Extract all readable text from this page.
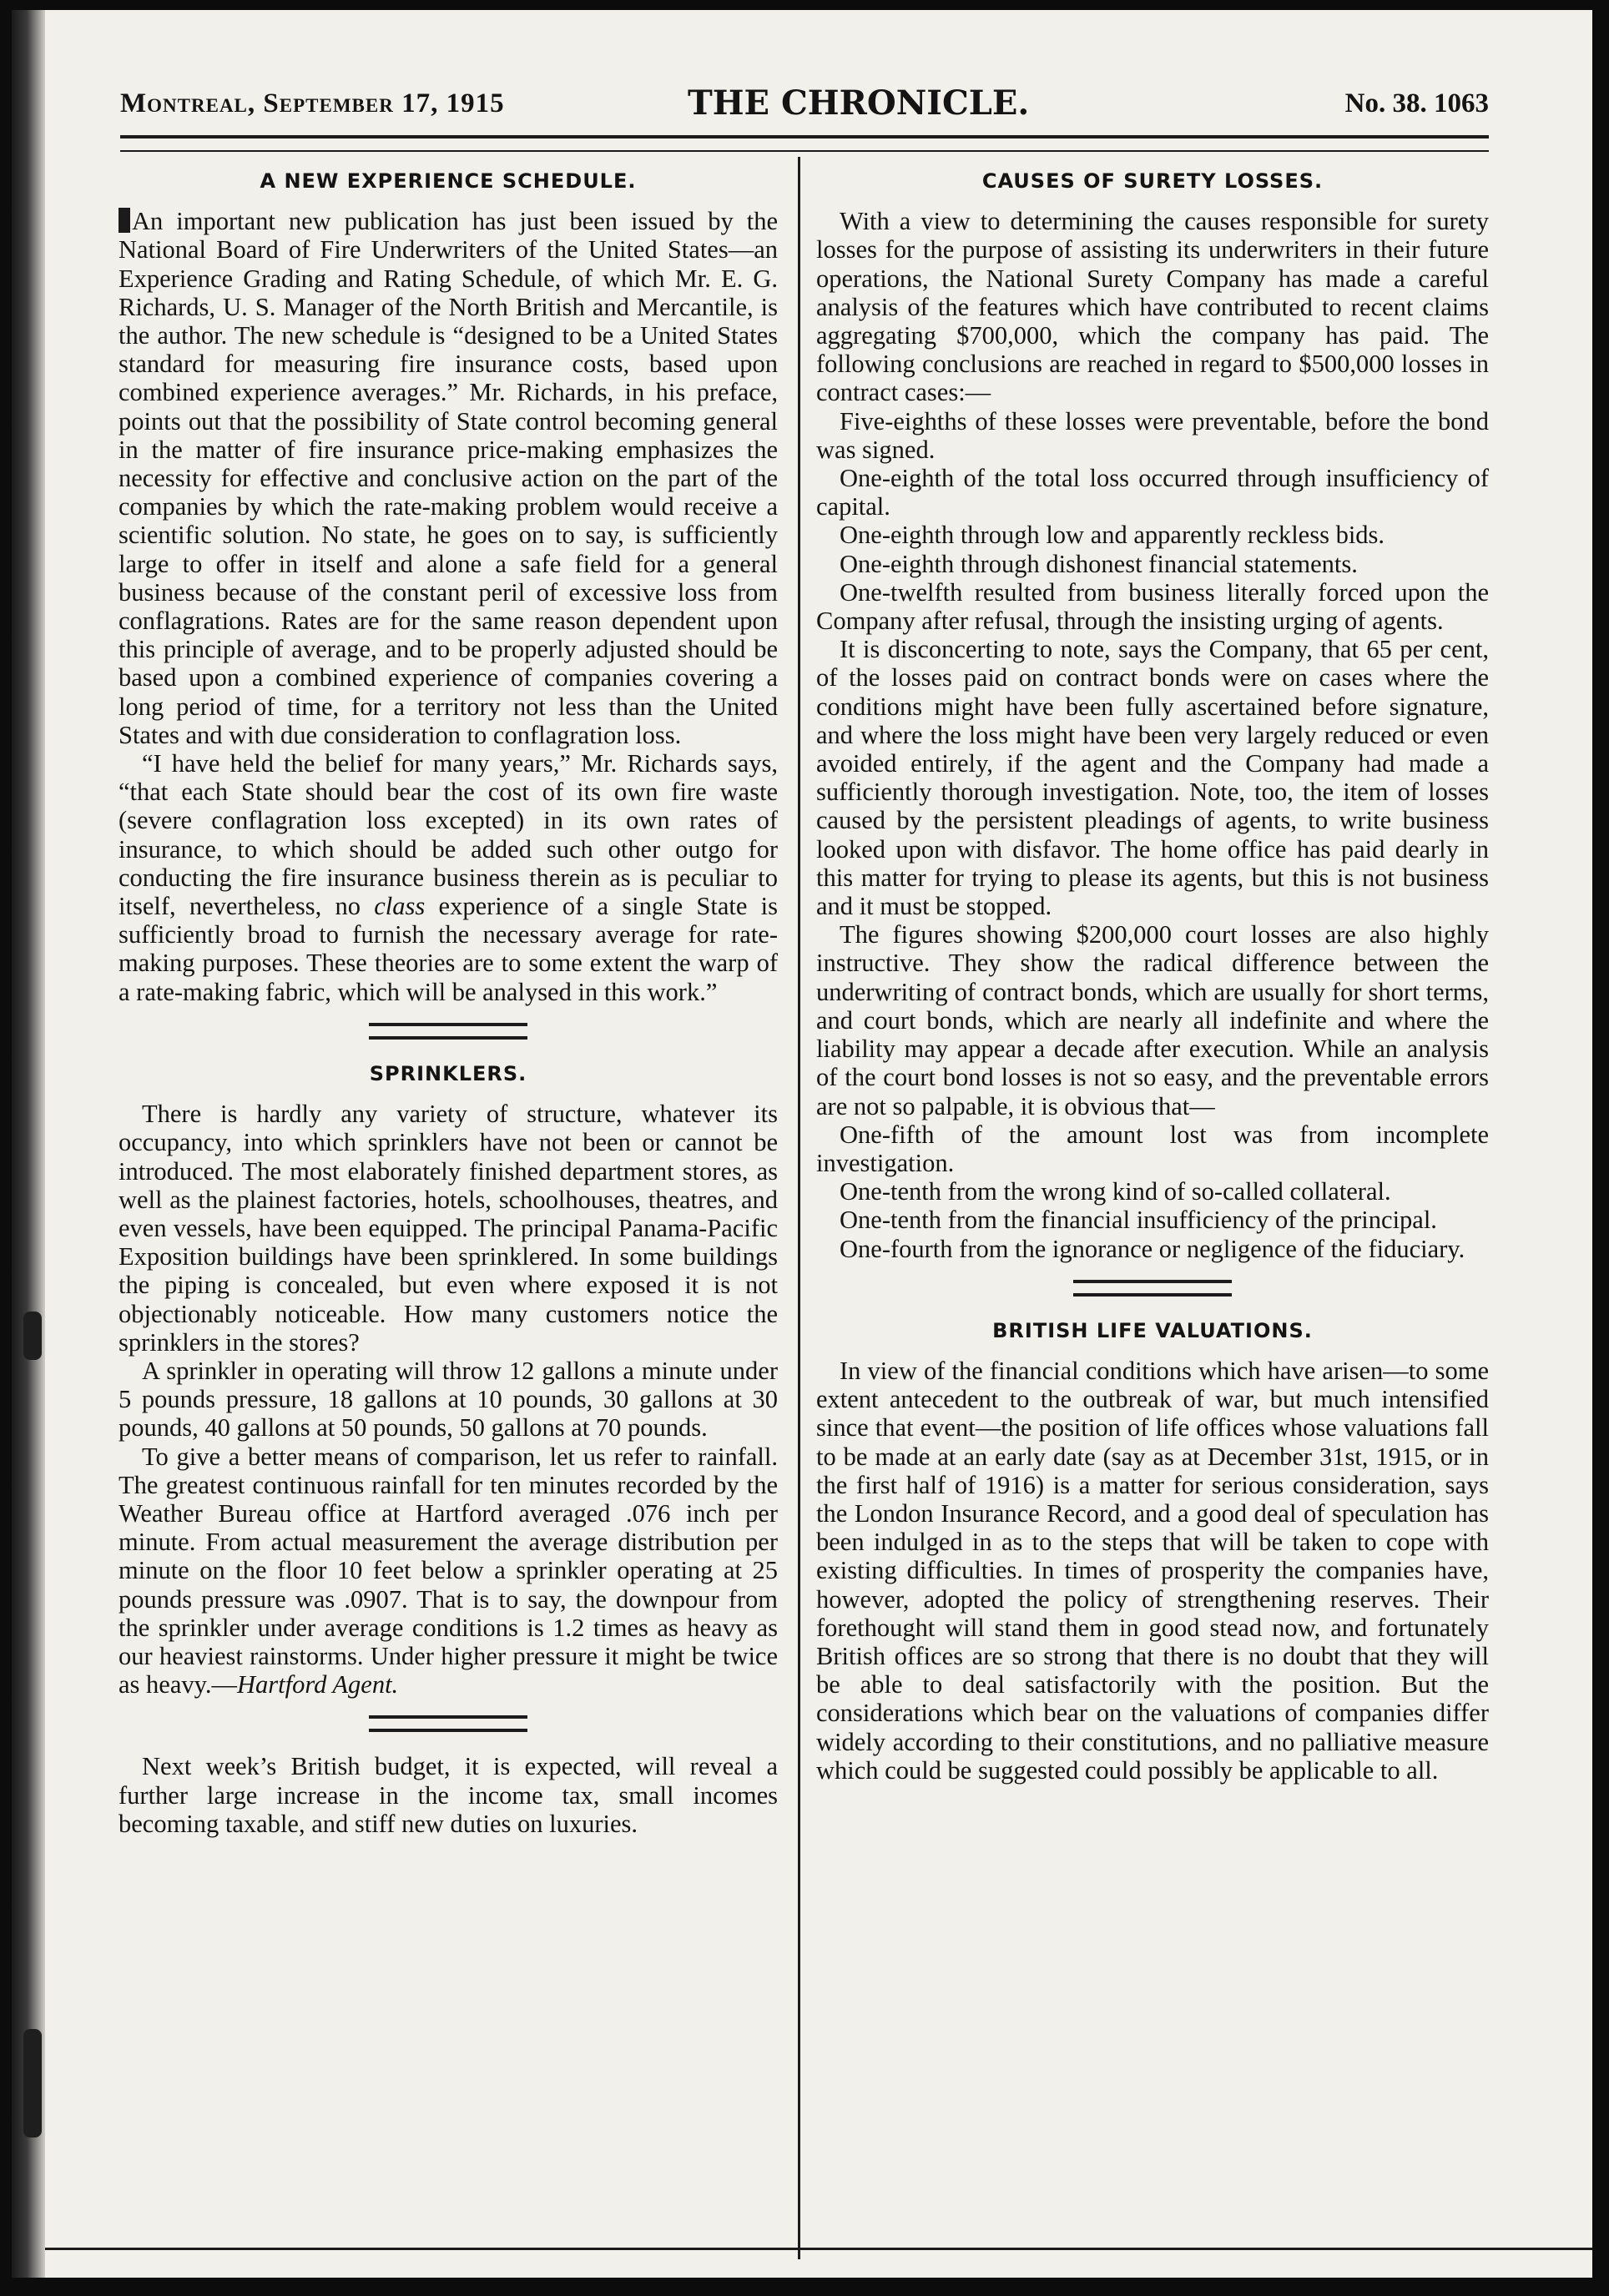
Montreal, September 17, 1915	THE CHRONICLE.	No. 38. 1063
A NEW EXPERIENCE SCHEDULE.

An important new publication has just been issued by the National Board of Fire Underwriters of the United States—an Experience Grading and Rating Schedule, of which Mr. E. G. Richards, U. S. Manager of the North British and Mercantile, is the author. The new schedule is “designed to be a United States standard for measuring fire insurance costs, based upon combined experience averages.” Mr. Richards, in his preface, points out that the possibility of State control becoming general in the matter of fire insurance price-making emphasizes the necessity for effective and conclusive action on the part of the companies by which the rate-making problem would receive a scientific solution. No state, he goes on to say, is sufficiently large to offer in itself and alone a safe field for a general business because of the constant peril of excessive loss from conflagrations. Rates are for the same reason dependent upon this principle of average, and to be properly adjusted should be based upon a combined experience of companies covering a long period of time, for a territory not less than the United States and with due consideration to conflagration loss.

“I have held the belief for many years,” Mr. Richards says, “that each State should bear the cost of its own fire waste (severe conflagration loss excepted) in its own rates of insurance, to which should be added such other outgo for conducting the fire insurance business therein as is peculiar to itself, nevertheless, no class experience of a single State is sufficiently broad to furnish the necessary average for rate-making purposes. These theories are to some extent the warp of a rate-making fabric, which will be analysed in this work.”

SPRINKLERS.

There is hardly any variety of structure, whatever its occupancy, into which sprinklers have not been or cannot be introduced. The most elaborately finished department stores, as well as the plainest factories, hotels, schoolhouses, theatres, and even vessels, have been equipped. The principal Panama-Pacific Exposition buildings have been sprinklered. In some buildings the piping is concealed, but even where exposed it is not objectionably noticeable. How many customers notice the sprinklers in the stores?

A sprinkler in operating will throw 12 gallons a minute under 5 pounds pressure, 18 gallons at 10 pounds, 30 gallons at 30 pounds, 40 gallons at 50 pounds, 50 gallons at 70 pounds.

To give a better means of comparison, let us refer to rainfall. The greatest continuous rainfall for ten minutes recorded by the Weather Bureau office at Hartford averaged .076 inch per minute. From actual measurement the average distribution per minute on the floor 10 feet below a sprinkler operating at 25 pounds pressure was .0907. That is to say, the downpour from the sprinkler under average conditions is 1.2 times as heavy as our heaviest rainstorms. Under higher pressure it might be twice as heavy.—Hartford Agent.

Next week’s British budget, it is expected, will reveal a further large increase in the income tax, small incomes becoming taxable, and stiff new duties on luxuries.

CAUSES OF SURETY LOSSES.

With a view to determining the causes responsible for surety losses for the purpose of assisting its underwriters in their future operations, the National Surety Company has made a careful analysis of the features which have contributed to recent claims aggregating $700,000, which the company has paid. The following conclusions are reached in regard to $500,000 losses in contract cases:—

Five-eighths of these losses were preventable, before the bond was signed.

One-eighth of the total loss occurred through insufficiency of capital.

One-eighth through low and apparently reckless bids.

One-eighth through dishonest financial statements.

One-twelfth resulted from business literally forced upon the Company after refusal, through the insisting urging of agents.

It is disconcerting to note, says the Company, that 65 per cent, of the losses paid on contract bonds were on cases where the conditions might have been fully ascertained before signature, and where the loss might have been very largely reduced or even avoided entirely, if the agent and the Company had made a sufficiently thorough investigation. Note, too, the item of losses caused by the persistent pleadings of agents, to write business looked upon with disfavor. The home office has paid dearly in this matter for trying to please its agents, but this is not business and it must be stopped.

The figures showing $200,000 court losses are also highly instructive. They show the radical difference between the underwriting of contract bonds, which are usually for short terms, and court bonds, which are nearly all indefinite and where the liability may appear a decade after execution. While an analysis of the court bond losses is not so easy, and the preventable errors are not so palpable, it is obvious that—

One-fifth of the amount lost was from incomplete investigation.

One-tenth from the wrong kind of so-called collateral.

One-tenth from the financial insufficiency of the principal.

One-fourth from the ignorance or negligence of the fiduciary.

BRITISH LIFE VALUATIONS.

In view of the financial conditions which have arisen—to some extent antecedent to the outbreak of war, but much intensified since that event—the position of life offices whose valuations fall to be made at an early date (say as at December 31st, 1915, or in the first half of 1916) is a matter for serious consideration, says the London Insurance Record, and a good deal of speculation has been indulged in as to the steps that will be taken to cope with existing difficulties. In times of prosperity the companies have, however, adopted the policy of strengthening reserves. Their forethought will stand them in good stead now, and fortunately British offices are so strong that there is no doubt that they will be able to deal satisfactorily with the position. But the considerations which bear on the valuations of companies differ widely according to their constitutions, and no palliative measure which could be suggested could possibly be applicable to all.
